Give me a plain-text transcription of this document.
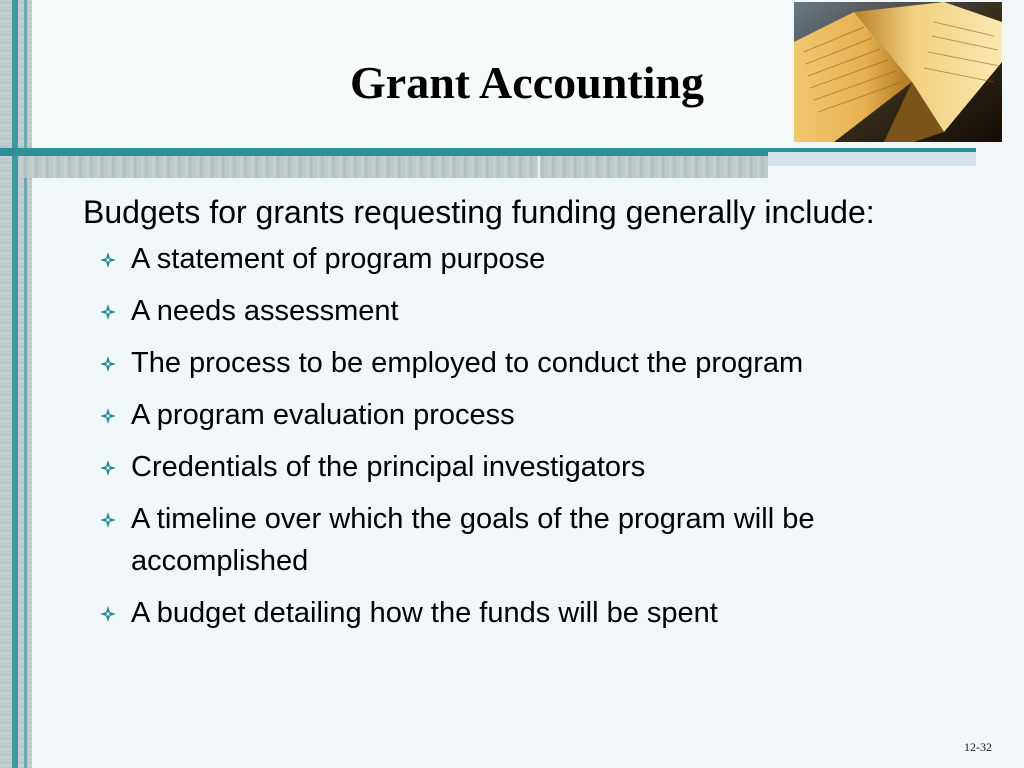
Grant Accounting

Budgets for grants requesting funding generally include:

A statement of program purpose
A needs assessment
The process to be employed to conduct the program
A program evaluation process
Credentials of the principal investigators
A timeline over which the goals of the program will be accomplished
A budget detailing how the funds will be spent
12-32
